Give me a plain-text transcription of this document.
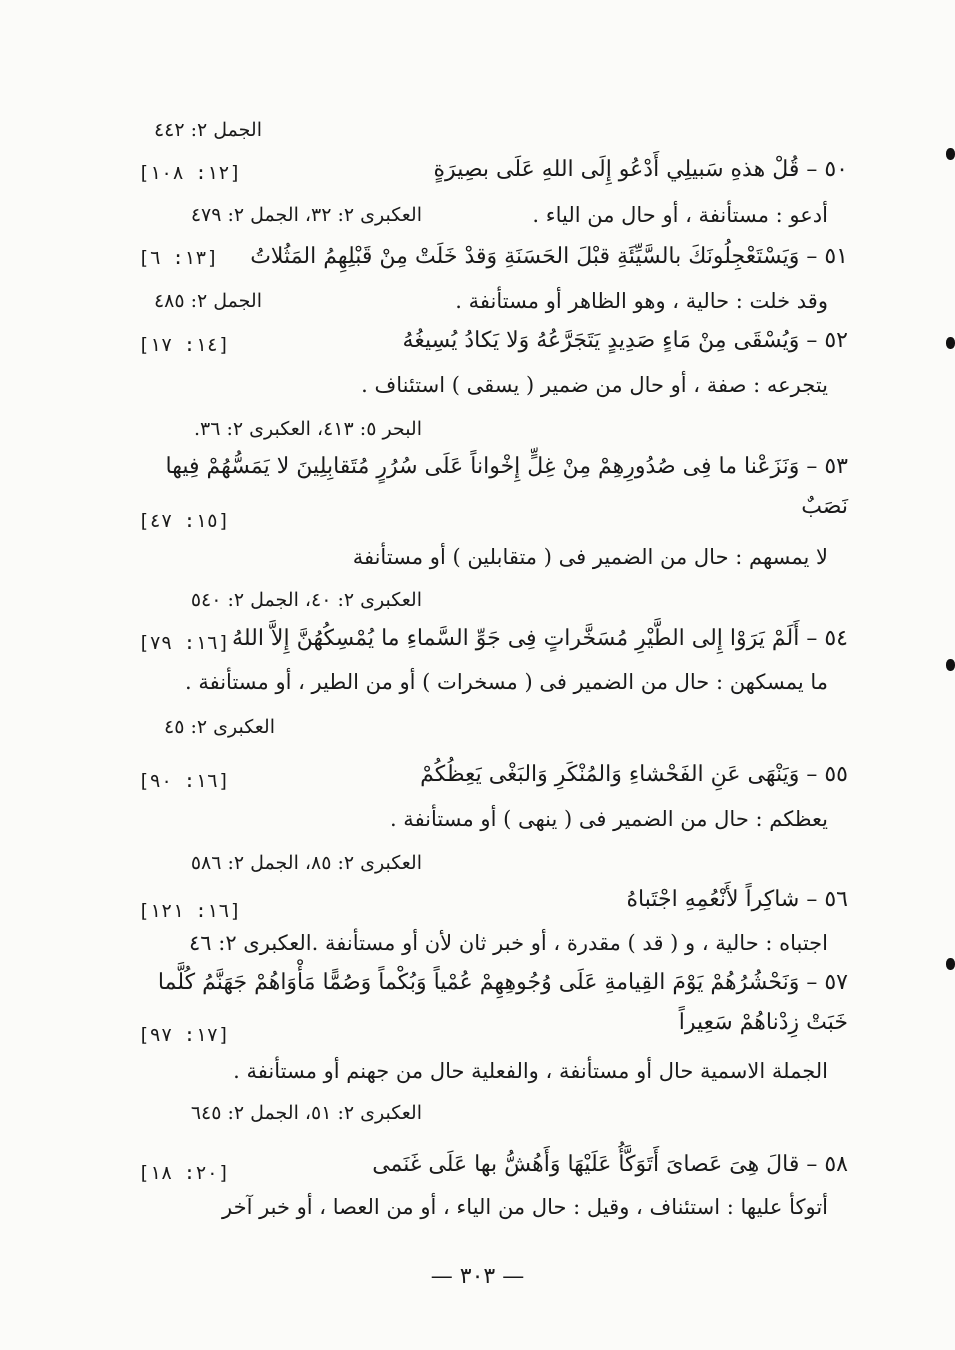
الجمل ٢: ٤٤٢
٥٠ – قُلْ هذهِ سَبيلِي أَدْعُو إِلَى اللهِ عَلَى بصِيرَةٍ
[١٢: ١٠٨]
أدعو : مستأنفة ، أو حال من الياء .
العكبرى ٢: ٣٢، الجمل ٢: ٤٧٩
٥١ – وَيَسْتَعْجِلُونَكَ بالسَّيِّئَةِ قبْلَ الحَسَنَةِ وَقدْ خَلَتْ مِنْ قَبْلِهِمُ المَثُلاتُ
[١٣: ٦]
وقد خلت : حالية ، وهو الظاهر أو مستأنفة .
الجمل ٢: ٤٨٥
٥٢ – وَيُسْقَى مِنْ مَاءٍ صَدِيدٍ يَتَجَرَّعُهُ وَلا يَكادُ يُسِيغُهُ
[١٤: ١٧]
يتجرعه : صفة ، أو حال من ضمير ( يسقى ) استئناف .
البحر ٥: ٤١٣، العكبرى ٢: ٣٦.
٥٣ – وَنَزَعْنا ما فِى صُدُورِهِمْ مِنْ غِلٍّ إِخْواناً عَلَى سُرُرٍ مُتَقابِلِينَ لا يَمَسُّهُمْ فِيها
نَصَبٌ
[١٥: ٤٧]
لا يمسهم : حال من الضمير فى ( متقابلين ) أو مستأنفة
العكبرى ٢: ٤٠، الجمل ٢: ٥٤٠
٥٤ – أَلَمْ يَرَوْا إِلى الطَّيْرِ مُسَخَّراتٍ فِى جَوِّ السَّماءِ ما يُمْسِكُهُنَّ إِلاَّ اللهُ
[١٦: ٧٩]
ما يمسكهن : حال من الضمير فى ( مسخرات ) أو من الطير ، أو مستأنفة .
العكبرى ٢: ٤٥
٥٥ – وَيَنْهَى عَنِ الفَحْشاءِ وَالمُنْكَرِ وَالبَغْى يَعِظُكُمْ
[١٦: ٩٠]
يعظكم : حال من الضمير فى ( ينهى ) أو مستأنفة .
العكبرى ٢: ٨٥، الجمل ٢: ٥٨٦
٥٦ – شاكِراً لأَنْعُمِهِ اجْتَباهُ
[١٦: ١٢١]
اجتباه : حالية ، و ( قد ) مقدرة ، أو خبر ثان لأن أو مستأنفة .العكبرى ٢: ٤٦
٥٧ – وَنَحْشُرُهُمْ يَوْمَ القِيامةِ عَلَى وُجُوهِهِمْ عُمْياً وَبُكْماً وَصُمًّا مَأْوَاهُمْ جَهَنَّمُ كُلَّما
خَبَتْ زِدْناهُمْ سَعِيراً
[١٧: ٩٧]
الجملة الاسمية حال أو مستأنفة ، والفعلية حال من جهنم أو مستأنفة .
العكبرى ٢: ٥١، الجمل ٢: ٦٤٥
٥٨ – قالَ هِىَ عَصاىَ أَتَوَكَّأُ عَلَيْهَا وَأَهُشُّ بها عَلَى غَنَمى
[٢٠: ١٨]
أتوكأ عليها : استئناف ، وقيل : حال من الياء ، أو من العصا ، أو خبر آخر
— ٣٠٣ —
